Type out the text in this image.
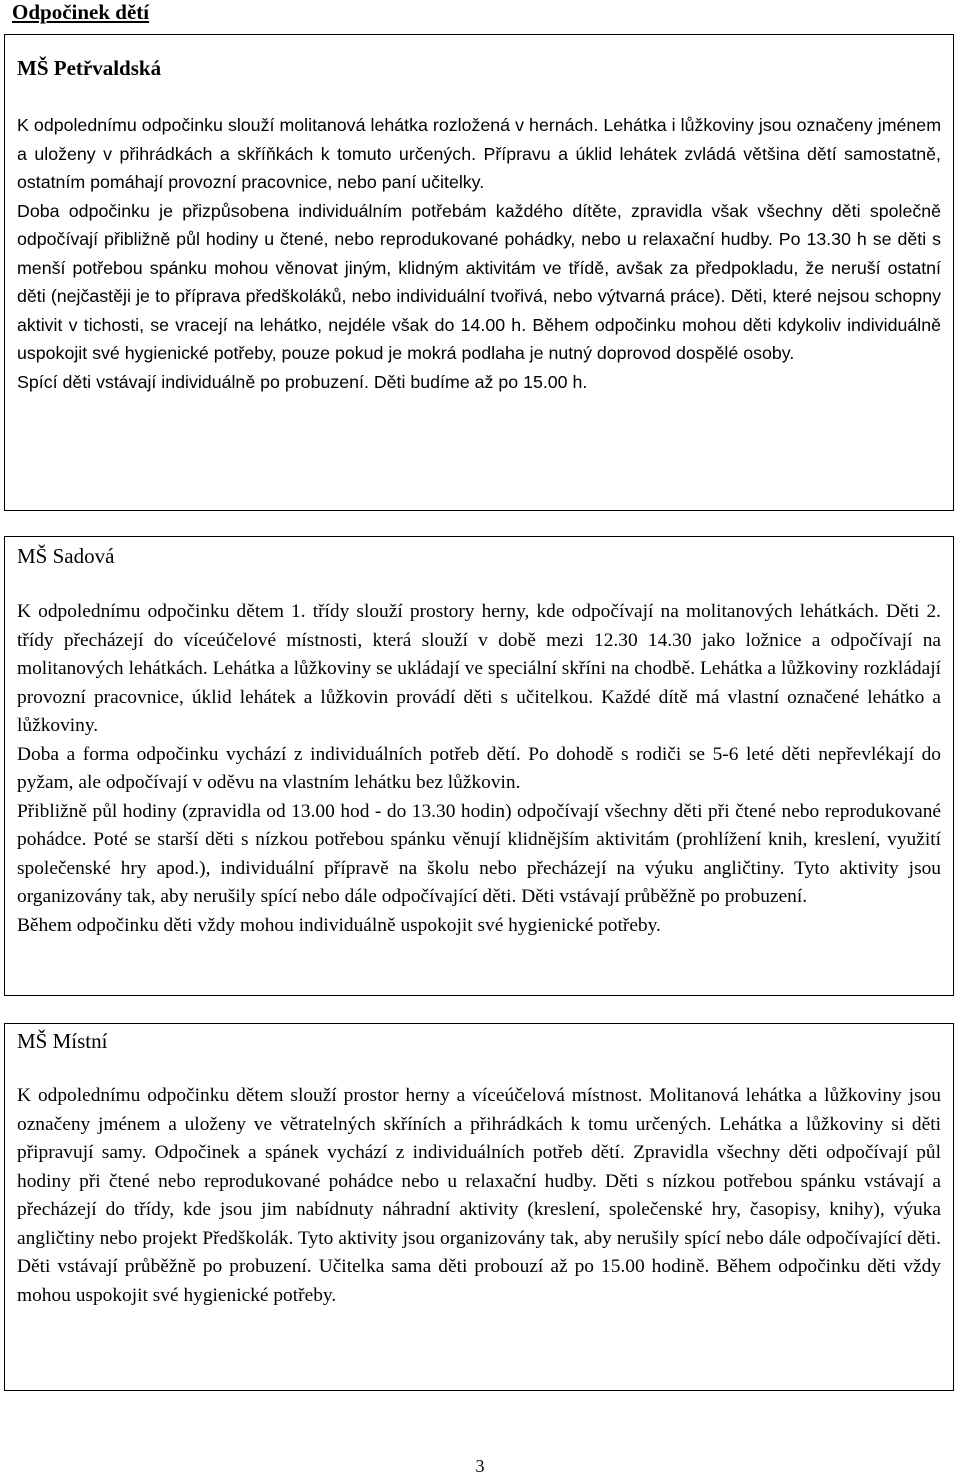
Odpočinek dětí
MŠ Petřvaldská

K odpolednímu odpočinku slouží molitanová lehátka rozložená v hernách. Lehátka i lůžkoviny jsou označeny jménem a uloženy v přihrádkách a skříňkách k tomuto určených. Přípravu a úklid lehátek zvládá většina dětí samostatně, ostatním pomáhají provozní pracovnice, nebo paní učitelky.

Doba odpočinku je přizpůsobena individuálním potřebám každého dítěte, zpravidla však všechny děti společně odpočívají přibližně půl hodiny u čtené, nebo reprodukované pohádky, nebo u relaxační hudby. Po 13.30 h se děti s menší potřebou spánku mohou věnovat jiným, klidným aktivitám ve třídě, avšak za předpokladu, že neruší ostatní děti (nejčastěji je to příprava předškoláků, nebo individuální tvořivá, nebo výtvarná práce). Děti, které nejsou schopny aktivit v tichosti, se vracejí na lehátko, nejdéle však do 14.00 h. Během odpočinku mohou děti kdykoliv individuálně uspokojit své hygienické potřeby, pouze pokud je mokrá podlaha je nutný doprovod dospělé osoby.

Spící děti vstávají individuálně po probuzení. Děti budíme až po 15.00 h.

MŠ Sadová

K odpolednímu odpočinku dětem 1. třídy slouží prostory herny, kde odpočívají na molitanových lehátkách. Děti 2. třídy přecházejí do víceúčelové místnosti, která slouží v době mezi 12.30 14.30 jako ložnice a odpočívají na molitanových lehátkách. Lehátka a lůžkoviny se ukládají ve speciální skříni na chodbě. Lehátka a lůžkoviny rozkládají provozní pracovnice, úklid lehátek a lůžkovin provádí děti s učitelkou. Každé dítě má vlastní označené lehátko a lůžkoviny.

Doba a forma odpočinku vychází z individuálních potřeb dětí. Po dohodě s rodiči se 5-6 leté děti nepřevlékají do pyžam, ale odpočívají v oděvu na vlastním lehátku bez lůžkovin.

Přibližně půl hodiny (zpravidla od 13.00 hod - do 13.30 hodin) odpočívají všechny děti při čtené nebo reprodukované pohádce. Poté se starší děti s nízkou potřebou spánku věnují klidnějším aktivitám (prohlížení knih, kreslení, využití společenské hry apod.), individuální přípravě na školu nebo přecházejí na výuku angličtiny. Tyto aktivity jsou organizovány tak, aby nerušily spící nebo dále odpočívající děti. Děti vstávají průběžně po probuzení.

Během odpočinku děti vždy mohou individuálně uspokojit své hygienické potřeby.

MŠ Místní

K odpolednímu odpočinku dětem slouží prostor herny a víceúčelová místnost. Molitanová lehátka a lůžkoviny jsou označeny jménem a uloženy ve větratelných skříních a přihrádkách k tomu určených. Lehátka a lůžkoviny si děti připravují samy. Odpočinek a spánek vychází z individuálních potřeb dětí. Zpravidla všechny děti odpočívají půl hodiny při čtené nebo reprodukované pohádce nebo u relaxační hudby. Děti s nízkou potřebou spánku vstávají a přecházejí do třídy, kde jsou jim nabídnuty náhradní aktivity (kreslení, společenské hry, časopisy, knihy), výuka angličtiny nebo projekt Předškolák. Tyto aktivity jsou organizovány tak, aby nerušily spící nebo dále odpočívající děti. Děti vstávají průběžně po probuzení. Učitelka sama děti probouzí až po 15.00 hodině. Během odpočinku děti vždy mohou uspokojit své hygienické potřeby.

3
